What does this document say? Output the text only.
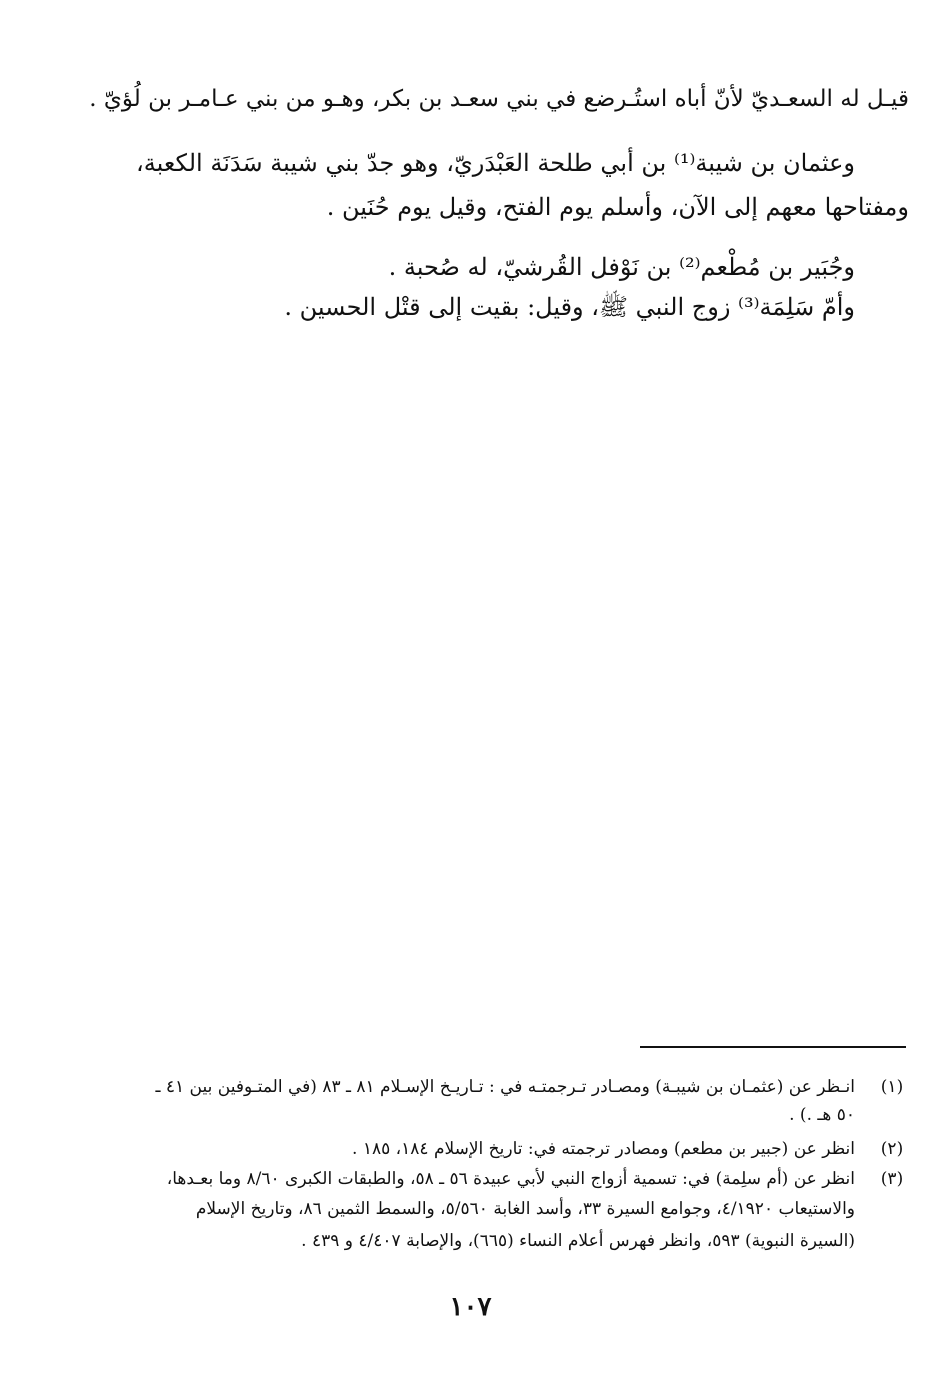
قيـل له السعـديّ لأنّ أباه استُـرضع في بني سعـد بن بكر، وهـو من بني عـامـر بن لُؤيّ .
وعثمان بن شيبة⁽¹⁾ بن أبي طلحة العَبْدَريّ، وهو جدّ بني شيبة سَدَنَة الكعبة،
ومفتاحها معهم إلى الآن، وأسلم يوم الفتح، وقيل يوم حُنَين .
وجُبَير بن مُطْعم⁽²⁾ بن نَوْفل القُرشيّ، له صُحبة .
وأمّ سَلِمَة⁽³⁾ زوج النبي ﷺ، وقيل: بقيت إلى قتْل الحسين .
(١)
انـظر عن (عثمـان بن شيبـة) ومصـادر تـرجمتـه في : تـاريـخ الإسـلام ٨١ ـ ٨٣ (في المتـوفين بين ٤١ ـ
٥٠ هـ .) .
(٢)
انظر عن (جبير بن مطعم) ومصادر ترجمته في: تاريخ الإسلام ١٨٤، ١٨٥ .
(٣)
انظر عن (أم سلِمة) في: تسمية أزواج النبي لأبي عبيدة ٥٦ ـ ٥٨، والطبقات الكبرى ٨/٦٠ وما بعـدها،
والاستيعاب ٤/١٩٢٠، وجوامع السيرة ٣٣، وأسد الغابة ٥/٥٦٠، والسمط الثمين ٨٦، وتاريخ الإسلام
(السيرة النبوية) ٥٩٣، وانظر فهرس أعلام النساء (٦٦٥)، والإصابة ٤/٤٠٧ و ٤٣٩ .
١٠٧
